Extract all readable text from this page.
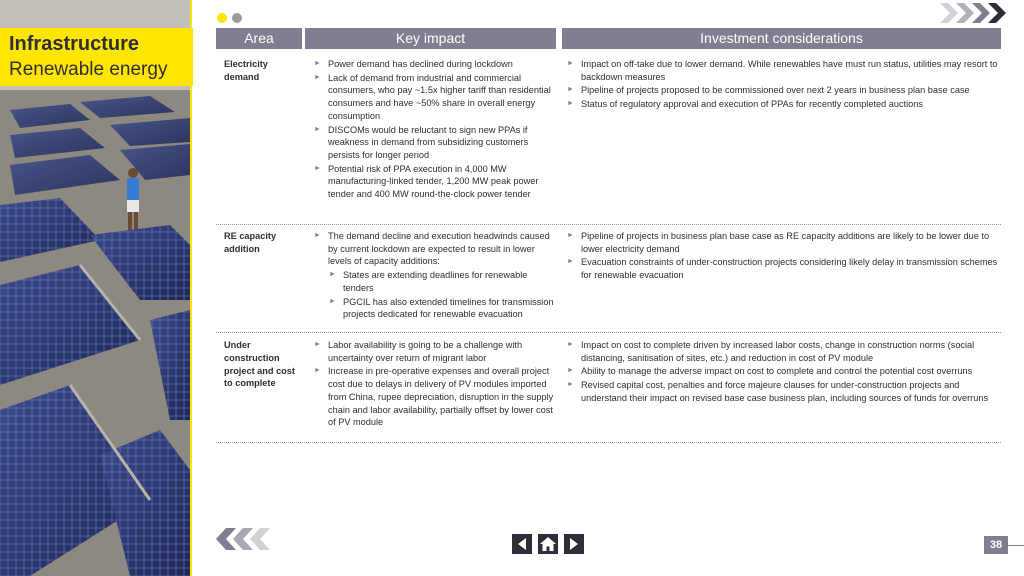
Infrastructure
Renewable energy
Area	Key impact	Investment considerations
Electricity demand
► Power demand has declined during lockdown
► Lack of demand from industrial and commercial consumers, who pay ~1.5x higher tariff than residential consumers and have ~50% share in overall energy consumption
► DISCOMs would be reluctant to sign new PPAs if weakness in demand from subsidizing customers persists for longer period
► Potential risk of PPA execution in 4,000 MW manufacturing-linked tender, 1,200 MW peak power tender and 400 MW round-the-clock power tender
► Impact on off-take due to lower demand. While renewables have must run status, utilities may resort to backdown measures
► Pipeline of projects proposed to be commissioned over next 2 years in business plan base case
► Status of regulatory approval and execution of PPAs for recently completed auctions
RE capacity addition
► The demand decline and execution headwinds caused by current lockdown are expected to result in lower levels of capacity additions:
► States are extending deadlines for renewable tenders
► PGCIL has also extended timelines for transmission projects dedicated for renewable evacuation
► Pipeline of projects in business plan base case as RE capacity additions are likely to be lower due to lower electricity demand
► Evacuation constraints of under-construction projects considering likely delay in transmission schemes for renewable evacuation
Under construction project and cost to complete
► Labor availability is going to be a challenge with uncertainty over return of migrant labor
► Increase in pre-operative expenses and overall project cost due to delays in delivery of PV modules imported from China, rupee depreciation, disruption in the supply chain and labor availability, partially offset by lower cost of PV module
► Impact on cost to complete driven by increased labor costs, change in construction norms (social distancing, sanitisation of sites, etc.) and reduction in cost of PV module
► Ability to manage the adverse impact on cost to complete and control the potential cost overruns
► Revised capital cost, penalties and force majeure clauses for under-construction projects and understand their impact on revised base case business plan, including sources of funds for overruns
38
